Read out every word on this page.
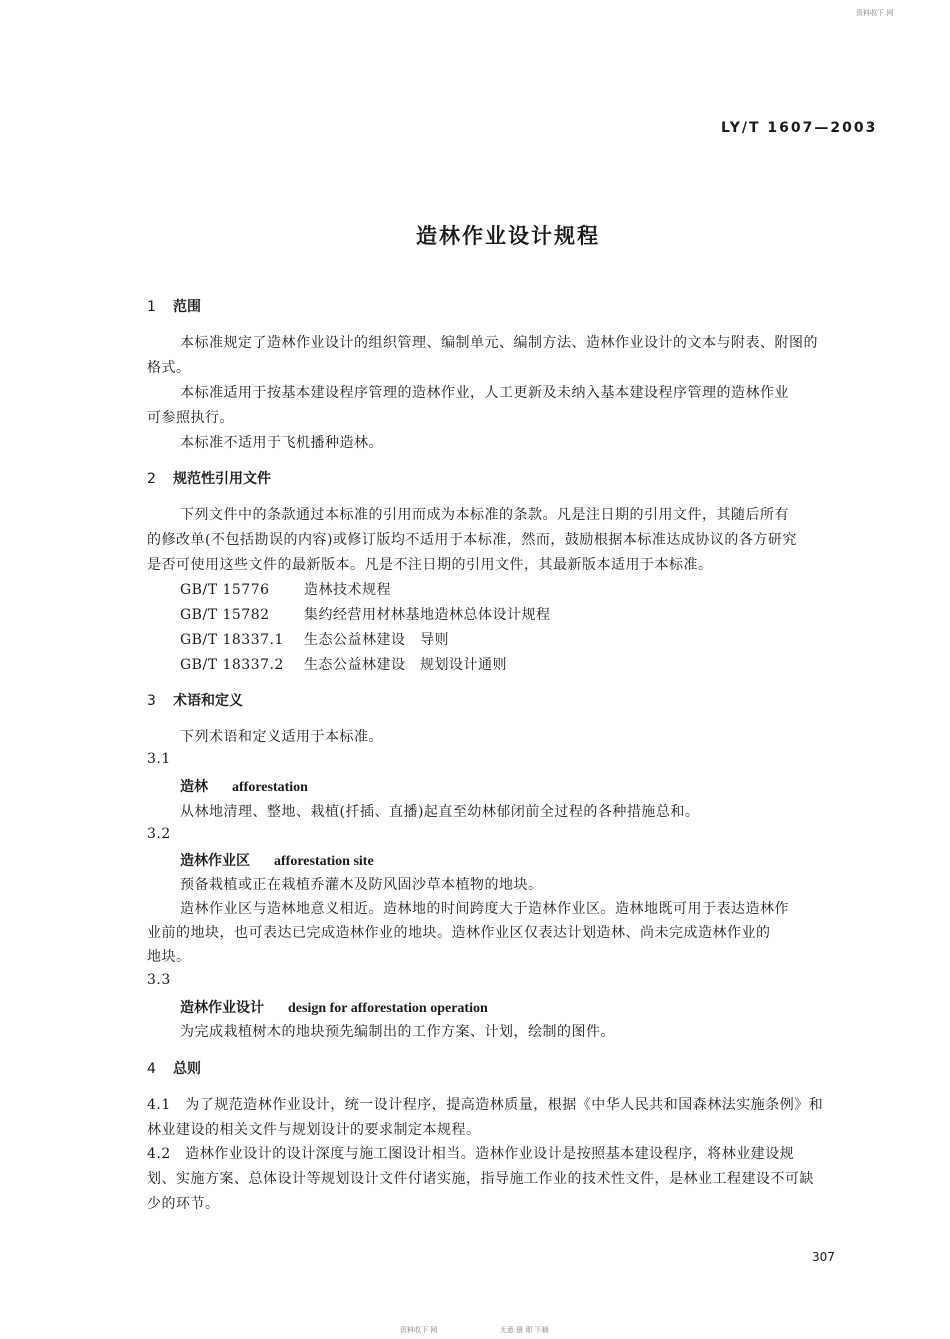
资料收下 网
资料收下 网	无意 册 即 下载
LY/T 1607—2003
造林作业设计规程
1 范围
本标准规定了造林作业设计的组织管理、编制单元、编制方法、造林作业设计的文本与附表、附图的
格式。
本标准适用于按基本建设程序管理的造林作业，人工更新及未纳入基本建设程序管理的造林作业
可参照执行。
本标准不适用于飞机播种造林。
2 规范性引用文件
下列文件中的条款通过本标准的引用而成为本标准的条款。凡是注日期的引用文件，其随后所有
的修改单(不包括勘误的内容)或修订版均不适用于本标准，然而，鼓励根据本标准达成协议的各方研究
是否可使用这些文件的最新版本。凡是不注日期的引用文件，其最新版本适用于本标准。
GB/T 15776 造林技术规程
GB/T 15782 集约经营用材林基地造林总体设计规程
GB/T 18337.1 生态公益林建设　导则
GB/T 18337.2 生态公益林建设　规划设计通则
3 术语和定义
下列术语和定义适用于本标准。
3.1
造林 afforestation
从林地清理、整地、栽植(扦插、直播)起直至幼林郁闭前全过程的各种措施总和。
3.2
造林作业区 afforestation site
预备栽植或正在栽植乔灌木及防风固沙草本植物的地块。
造林作业区与造林地意义相近。造林地的时间跨度大于造林作业区。造林地既可用于表达造林作
业前的地块，也可表达已完成造林作业的地块。造林作业区仅表达计划造林、尚未完成造林作业的
地块。
3.3
造林作业设计 design for afforestation operation
为完成栽植树木的地块预先编制出的工作方案、计划，绘制的图件。
4 总则
4.1　为了规范造林作业设计，统一设计程序，提高造林质量，根据《中华人民共和国森林法实施条例》和
林业建设的相关文件与规划设计的要求制定本规程。
4.2　造林作业设计的设计深度与施工图设计相当。造林作业设计是按照基本建设程序，将林业建设规
划、实施方案、总体设计等规划设计文件付诸实施，指导施工作业的技术性文件，是林业工程建设不可缺
少的环节。
307
